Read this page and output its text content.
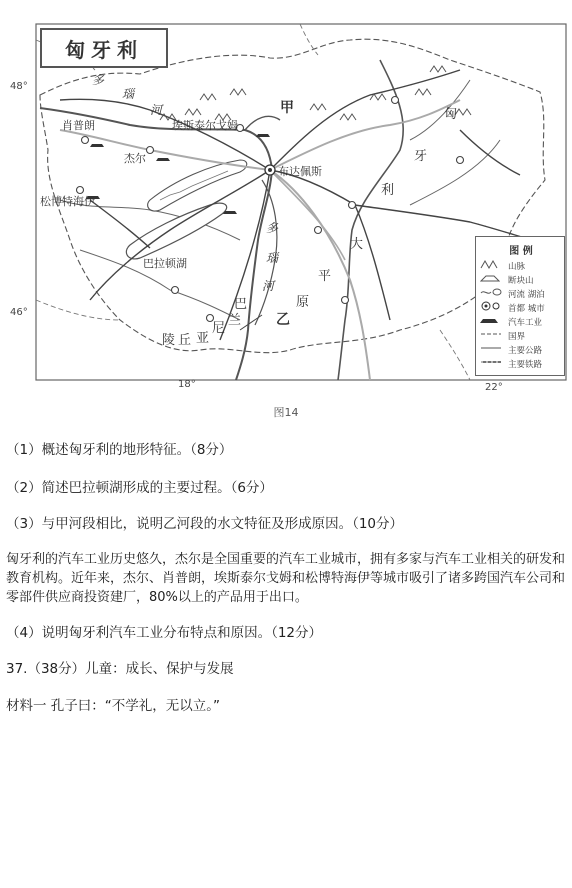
匈牙利
48°
46°
18°	22°
肖普朗	埃斯泰尔戈姆
杰尔
松博特海伊
布达佩斯
巴拉顿湖
甲
乙
多
瑙
河
多
瑙
河
匈
牙
利
大
平
原
巴
兰
尼
亚
陵 丘
图 例
山脉
断块山
河流 湖泊
首都 城市
汽车工业
国界
主要公路
主要铁路
图14
（1）概述匈牙利的地形特征。（8分）
（2）简述巴拉顿湖形成的主要过程。（6分）
（3）与甲河段相比，说明乙河段的水文特征及形成原因。（10分）
匈牙利的汽车工业历史悠久，杰尔是全国重要的汽车工业城市，拥有多家与汽车工业相关的研发和教育机构。近年来，杰尔、肖普朗，埃斯泰尔戈姆和松博特海伊等城市吸引了诸多跨国汽车公司和零部件供应商投资建厂，80%以上的产品用于出口。
（4）说明匈牙利汽车工业分布特点和原因。（12分）
37.（38分）儿童：成长、保护与发展
材料一 孔子曰：“不学礼，无以立。”
